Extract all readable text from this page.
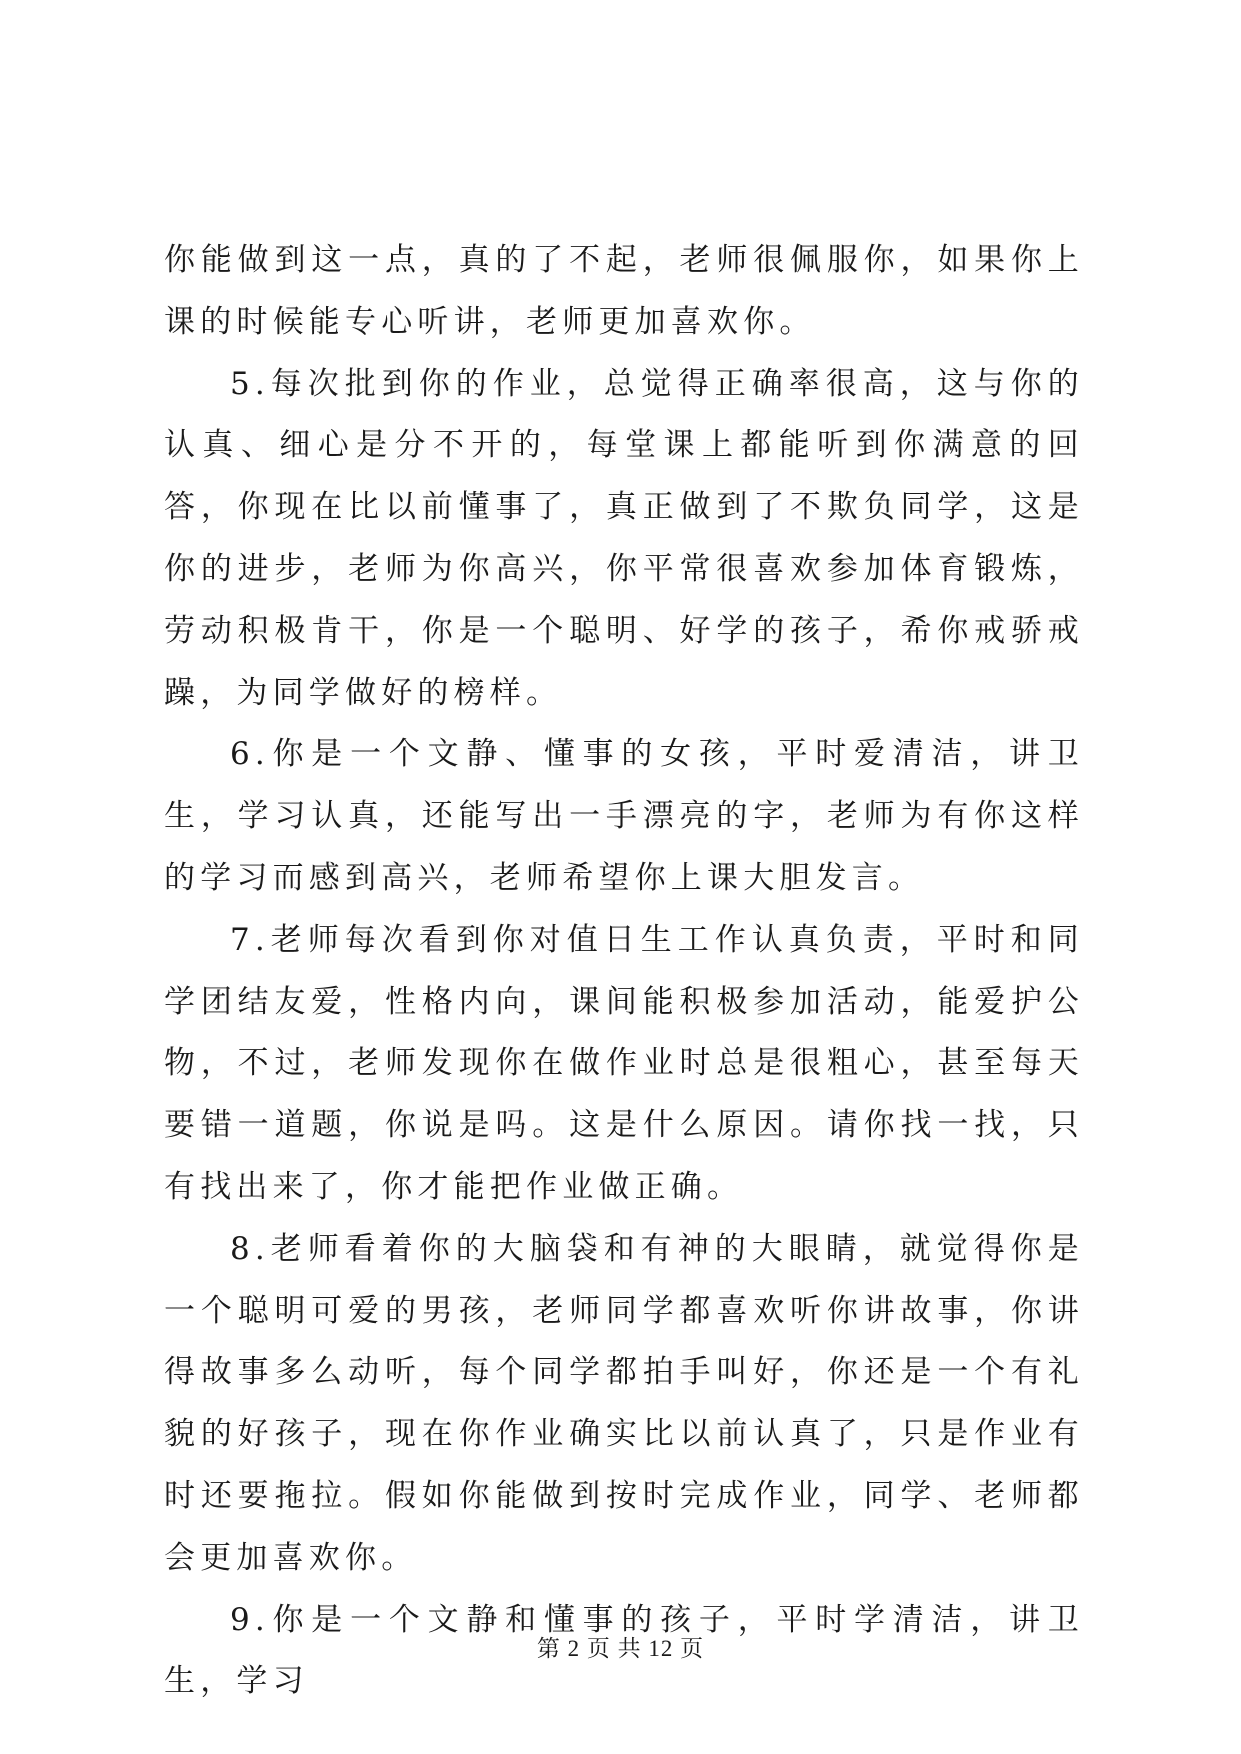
你能做到这一点，真的了不起，老师很佩服你，如果你上课的时候能专心听讲，老师更加喜欢你。

5.每次批到你的作业，总觉得正确率很高，这与你的认真、细心是分不开的，每堂课上都能听到你满意的回答，你现在比以前懂事了，真正做到了不欺负同学，这是你的进步，老师为你高兴，你平常很喜欢参加体育锻炼，劳动积极肯干，你是一个聪明、好学的孩子，希你戒骄戒躁，为同学做好的榜样。

6.你是一个文静、懂事的女孩，平时爱清洁，讲卫生，学习认真，还能写出一手漂亮的字，老师为有你这样的学习而感到高兴，老师希望你上课大胆发言。

7.老师每次看到你对值日生工作认真负责，平时和同学团结友爱，性格内向，课间能积极参加活动，能爱护公物，不过，老师发现你在做作业时总是很粗心，甚至每天要错一道题，你说是吗。这是什么原因。请你找一找，只有找出来了，你才能把作业做正确。

8.老师看着你的大脑袋和有神的大眼睛，就觉得你是一个聪明可爱的男孩，老师同学都喜欢听你讲故事，你讲得故事多么动听，每个同学都拍手叫好，你还是一个有礼貌的好孩子，现在你作业确实比以前认真了，只是作业有时还要拖拉。假如你能做到按时完成作业，同学、老师都会更加喜欢你。

9.你是一个文静和懂事的孩子，平时学清洁，讲卫生，学习

第 2 页 共 12 页
